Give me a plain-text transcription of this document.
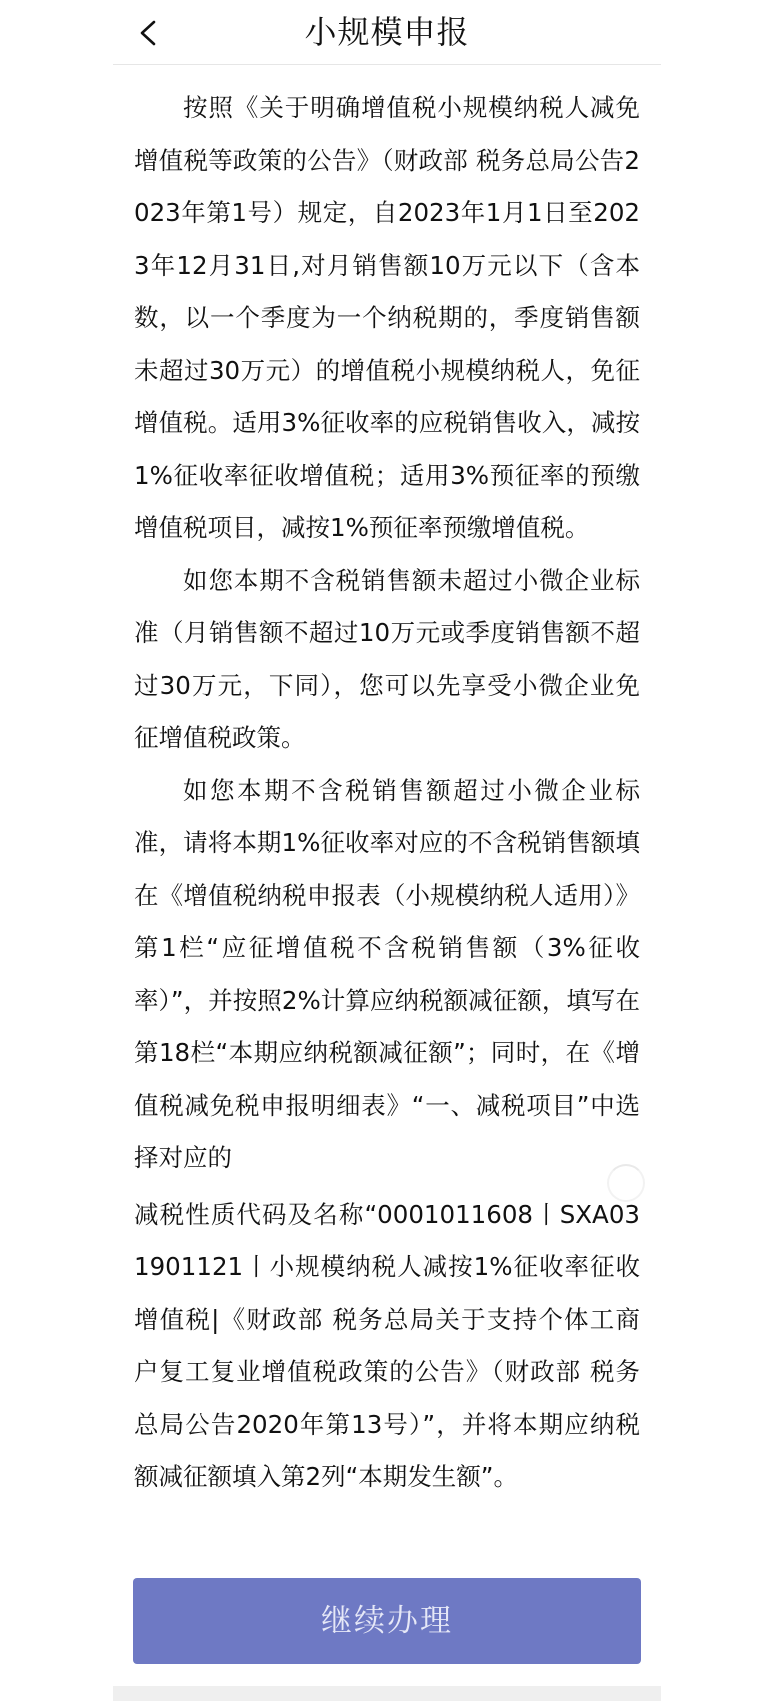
小规模申报

按照《关于明确增值税小规模纳税人减免增值税等政策的公告》（财政部 税务总局公告2023年第1号）规定，自2023年1月1日至2023年12月31日,对月销售额10万元以下（含本数，以一个季度为一个纳税期的，季度销售额未超过30万元）的增值税小规模纳税人，免征增值税。适用3%征收率的应税销售收入，减按1%征收率征收增值税；适用3%预征率的预缴增值税项目，减按1%预征率预缴增值税。

如您本期不含税销售额未超过小微企业标准（月销售额不超过10万元或季度销售额不超过30万元，下同），您可以先享受小微企业免征增值税政策。

如您本期不含税销售额超过小微企业标准，请将本期1%征收率对应的不含税销售额填在《增值税纳税申报表（小规模纳税人适用）》第1栏“应征增值税不含税销售额（3%征收率）”，并按照2%计算应纳税额减征额，填写在第18栏“本期应纳税额减征额”；同时，在《增值税减免税申报明细表》“一、减税项目”中选择对应的

减税性质代码及名称“0001011608丨SXA031901121丨小规模纳税人减按1%征收率征收增值税|《财政部 税务总局关于支持个体工商户复工复业增值税政策的公告》（财政部 税务总局公告2020年第13号）”，并将本期应纳税额减征额填入第2列“本期发生额”。

继续办理
